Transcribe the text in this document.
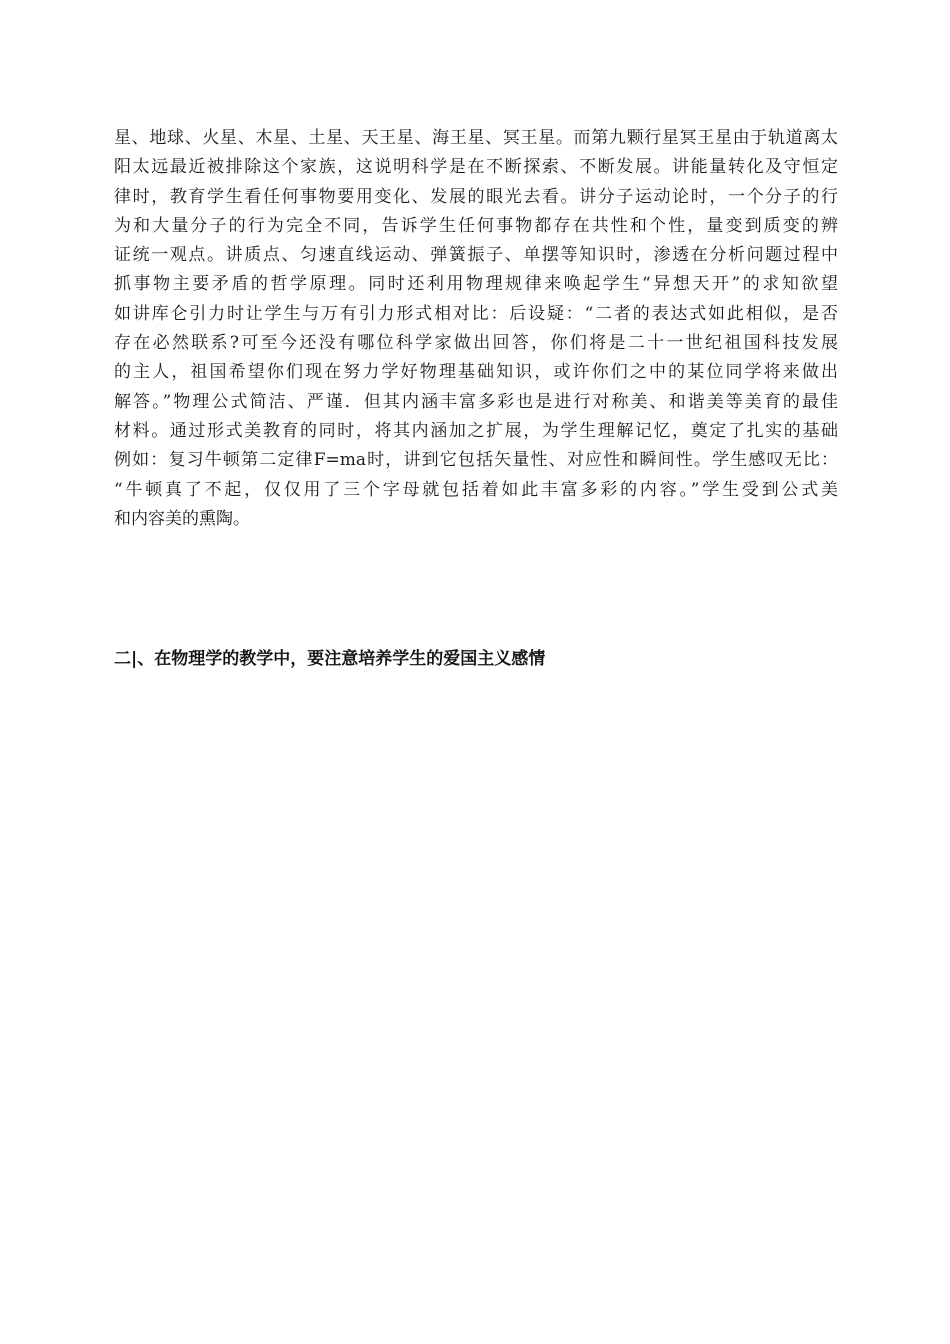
星、地球、火星、木星、土星、天王星、海王星、冥王星。而第九颗行星冥王星由于轨道离太
阳太远最近被排除这个家族，这说明科学是在不断探索、不断发展。讲能量转化及守恒定
律时，教育学生看任何事物要用变化、发展的眼光去看。讲分子运动论时，一个分子的行
为和大量分子的行为完全不同，告诉学生任何事物都存在共性和个性，量变到质变的辨
证统一观点。讲质点、匀速直线运动、弹簧振子、单摆等知识时，渗透在分析问题过程中
抓事物主要矛盾的哲学原理。同时还利用物理规律来唤起学生“异想天开”的求知欲望
如讲库仑引力时让学生与万有引力形式相对比：后设疑：“二者的表达式如此相似，是否
存在必然联系?可至今还没有哪位科学家做出回答，你们将是二十一世纪祖国科技发展
的主人，祖国希望你们现在努力学好物理基础知识，或许你们之中的某位同学将来做出
解答。”物理公式简洁、严谨．但其内涵丰富多彩也是进行对称美、和谐美等美育的最佳
材料。通过形式美教育的同时，将其内涵加之扩展，为学生理解记忆，奠定了扎实的基础
例如：复习牛顿第二定律F=ma时，讲到它包括矢量性、对应性和瞬间性。学生感叹无比：
“牛顿真了不起，仅仅用了三个字母就包括着如此丰富多彩的内容。”学生受到公式美
和内容美的熏陶。
二|、在物理学的教学中，要注意培养学生的爱国主义感情
